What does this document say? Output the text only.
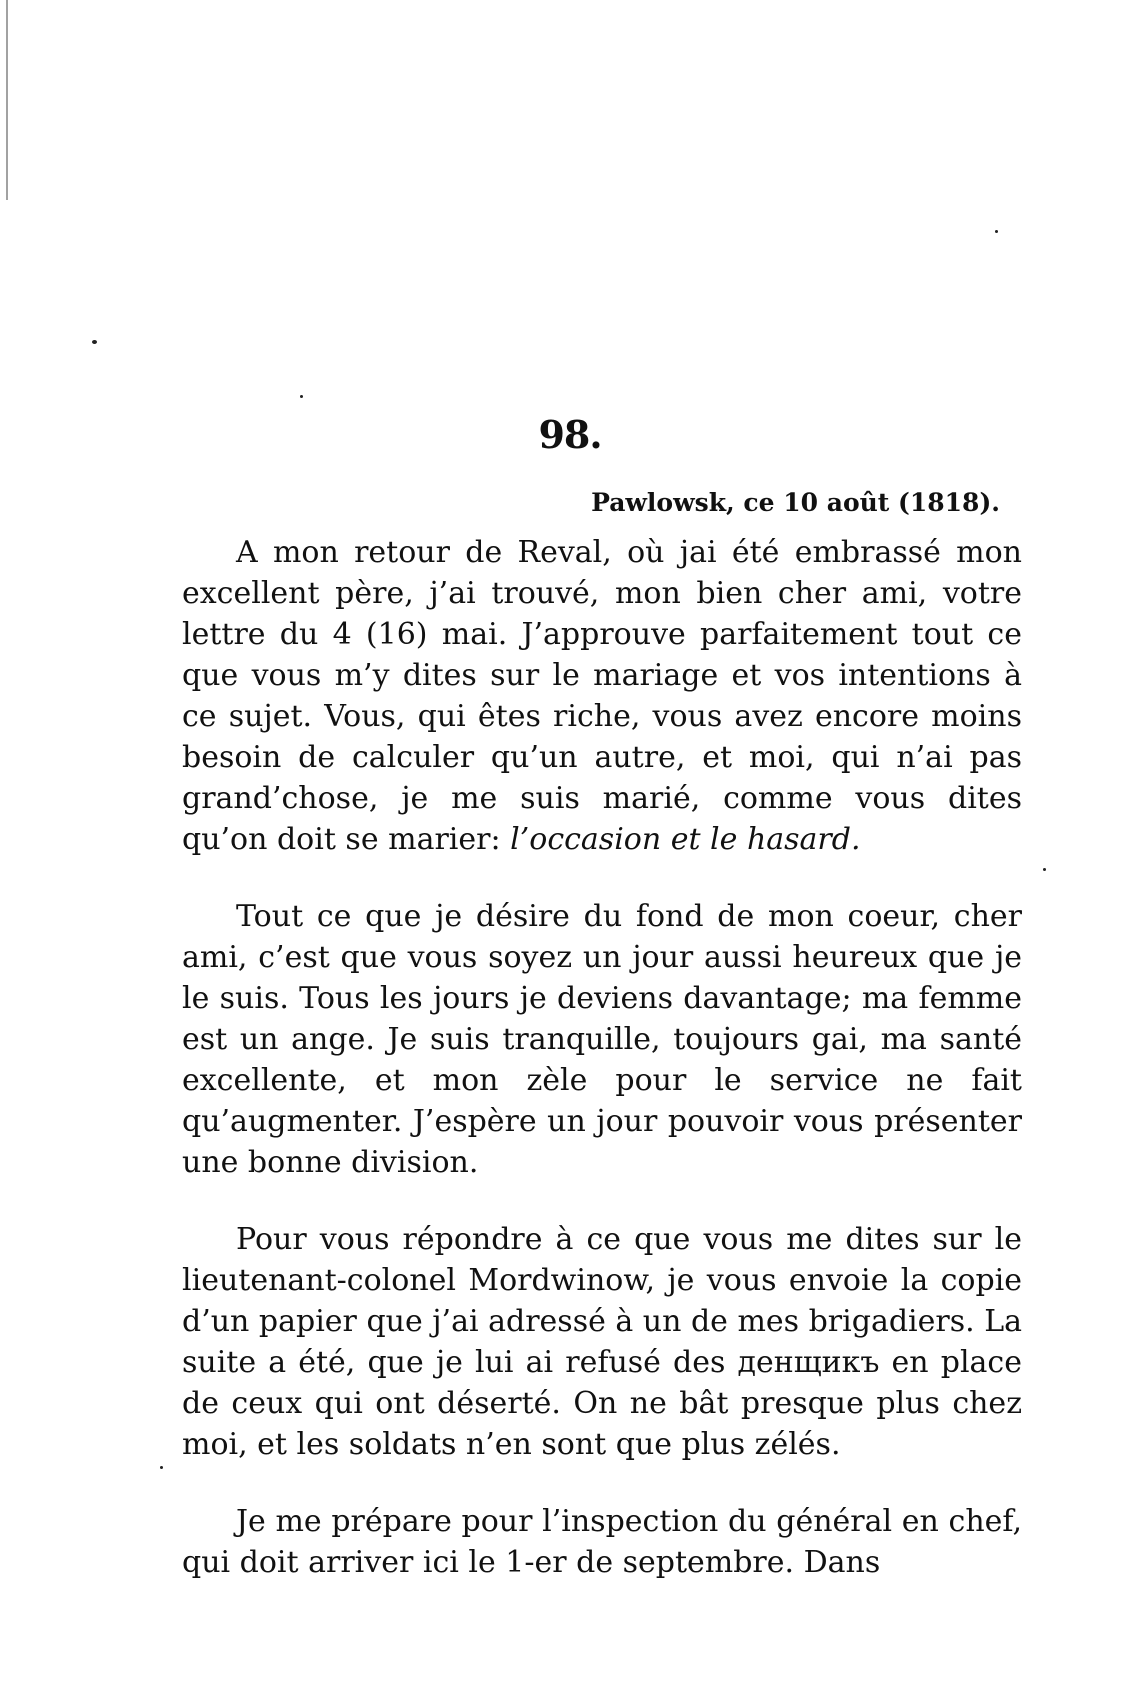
98.
Pawlowsk, ce 10 août (1818).

A mon retour de Reval, où jai été embrassé mon excellent père, j’ai trouvé, mon bien cher ami, votre lettre du 4 (16) mai. J’approuve parfaitement tout ce que vous m’y dites sur le mariage et vos intentions à ce sujet. Vous, qui êtes riche, vous avez encore moins besoin de calculer qu’un autre, et moi, qui n’ai pas grand’chose, je me suis marié, comme vous dites qu’on doit se marier: l’occasion et le hasard.

Tout ce que je désire du fond de mon coeur, cher ami, c’est que vous soyez un jour aussi heureux que je le suis. Tous les jours je deviens davantage; ma femme est un ange. Je suis tranquille, toujours gai, ma santé excellente, et mon zèle pour le service ne fait qu’augmenter. J’espère un jour pouvoir vous présenter une bonne division.

Pour vous répondre à ce que vous me dites sur le lieutenant-colonel Mordwinow, je vous envoie la copie d’un papier que j’ai adressé à un de mes brigadiers. La suite a été, que je lui ai refusé des денщикъ en place de ceux qui ont déserté. On ne bât presque plus chez moi, et les soldats n’en sont que plus zélés.

Je me prépare pour l’inspection du général en chef, qui doit arriver ici le 1-er de septembre. Dans
